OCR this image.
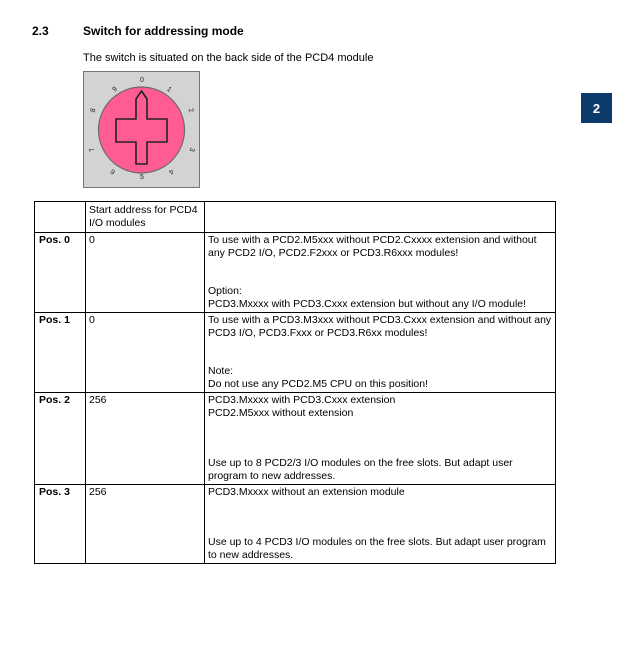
2.3	Switch for addressing mode
The switch is situated on the back side of the PCD4 module
0
1
2
3
4
5
6
7
8
9
2
	Start address for PCD4 I/O modules	
Pos. 0	0	To use with a PCD2.M5xxx without PCD2.Cxxxx extension and without any PCD2 I/O, PCD2.F2xxx or PCD3.R6xxx modules!
Option:
PCD3.Mxxxx with PCD3.Cxxx extension but without any I/O module!

Pos. 1	0	To use with a PCD3.M3xxx without PCD3.Cxxx extension and without any PCD3 I/O, PCD3.Fxxx or PCD3.R6xx modules!
Note:
Do not use any PCD2.M5 CPU on this position!

Pos. 2	256	PCD3.Mxxxx with PCD3.Cxxx extension
PCD2.M5xxx without extension
Use up to 8 PCD2/3 I/O modules on the free slots. But adapt user program to new addresses.

Pos. 3	256	PCD3.Mxxxx without an extension module
Use up to 4 PCD3 I/O modules on the free slots. But adapt user program to new addresses.
